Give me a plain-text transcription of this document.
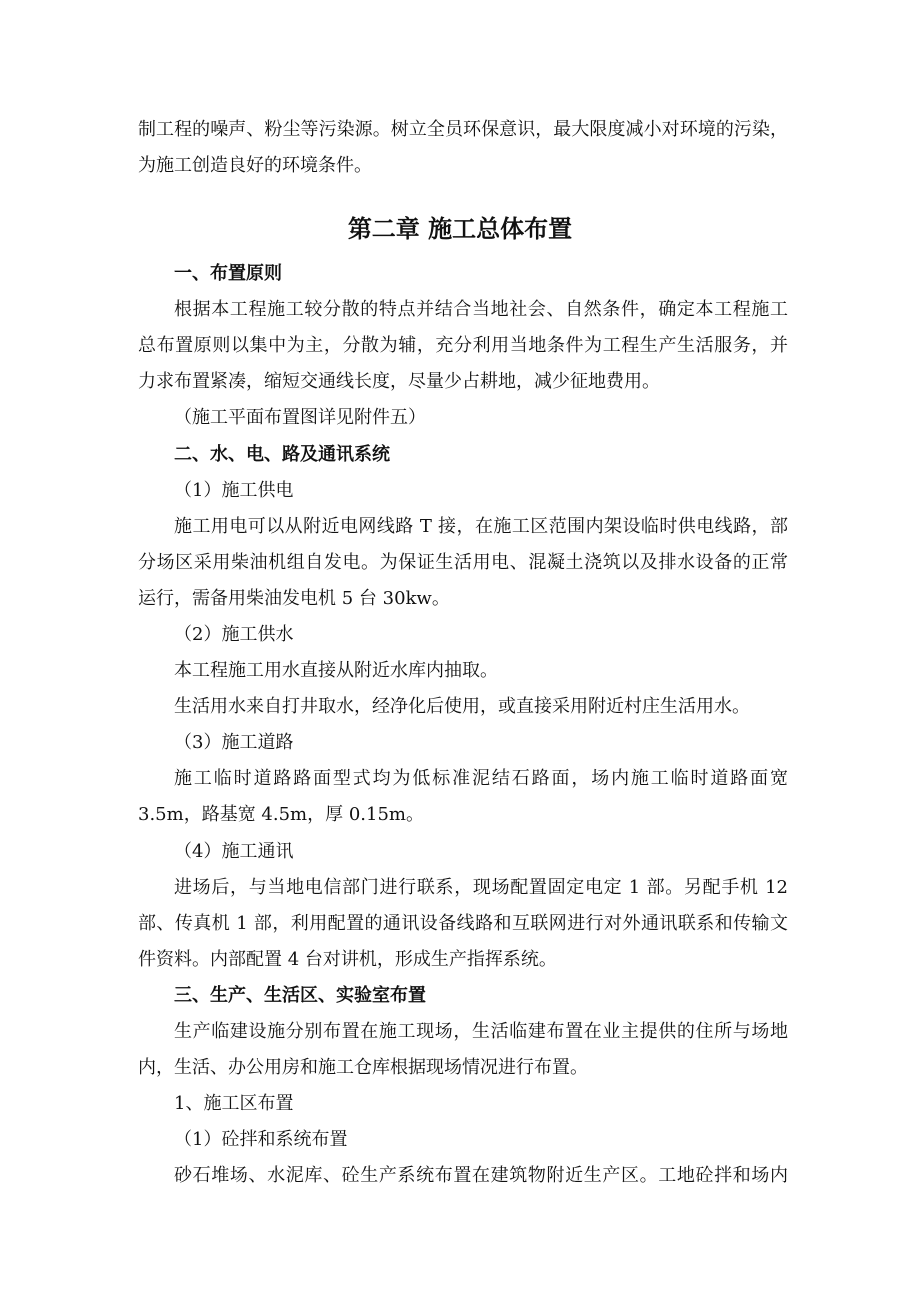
制工程的噪声、粉尘等污染源。树立全员环保意识，最大限度减小对环境的污染，
为施工创造良好的环境条件。
第二章 施工总体布置
一、布置原则
根据本工程施工较分散的特点并结合当地社会、自然条件，确定本工程施工
总布置原则以集中为主，分散为辅，充分利用当地条件为工程生产生活服务，并
力求布置紧凑，缩短交通线长度，尽量少占耕地，减少征地费用。
（施工平面布置图详见附件五）
二、水、电、路及通讯系统
（1）施工供电
施工用电可以从附近电网线路 T 接，在施工区范围内架设临时供电线路，部
分场区采用柴油机组自发电。为保证生活用电、混凝土浇筑以及排水设备的正常
运行，需备用柴油发电机 5 台 30kw。
（2）施工供水
本工程施工用水直接从附近水库内抽取。
生活用水来自打井取水，经净化后使用，或直接采用附近村庄生活用水。
（3）施工道路
施工临时道路路面型式均为低标准泥结石路面，场内施工临时道路面宽
3.5m，路基宽 4.5m，厚 0.15m。
（4）施工通讯
进场后，与当地电信部门进行联系，现场配置固定电定 1 部。另配手机 12
部、传真机 1 部，利用配置的通讯设备线路和互联网进行对外通讯联系和传输文
件资料。内部配置 4 台对讲机，形成生产指挥系统。
三、生产、生活区、实验室布置
生产临建设施分别布置在施工现场，生活临建布置在业主提供的住所与场地
内，生活、办公用房和施工仓库根据现场情况进行布置。
1、施工区布置
（1）砼拌和系统布置
砂石堆场、水泥库、砼生产系统布置在建筑物附近生产区。工地砼拌和场内
